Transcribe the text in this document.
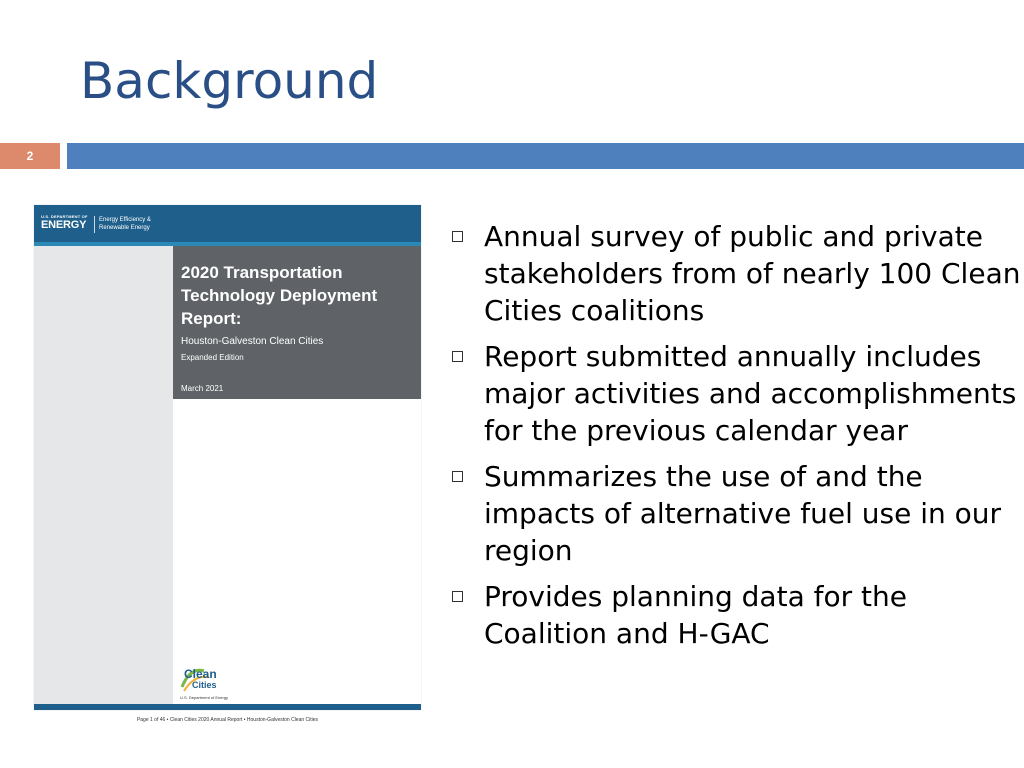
Background
2
U.S. DEPARTMENT OF
ENERGY Energy Efficiency & Renewable Energy
2020 Transportation Technology Deployment Report:
Houston-Galveston Clean Cities
Expanded Edition
March 2021
Clean
Cities
U.S. Department of Energy
Page 1 of 46 • Clean Cities 2020 Annual Report • Houston-Galveston Clean Cities
Annual survey of public and private stakeholders from of nearly 100 Clean Cities coalitions
Report submitted annually includes major activities and accomplishments for the previous calendar year
Summarizes the use of and the impacts of alternative fuel use in our region
Provides planning data for the Coalition and H-GAC
